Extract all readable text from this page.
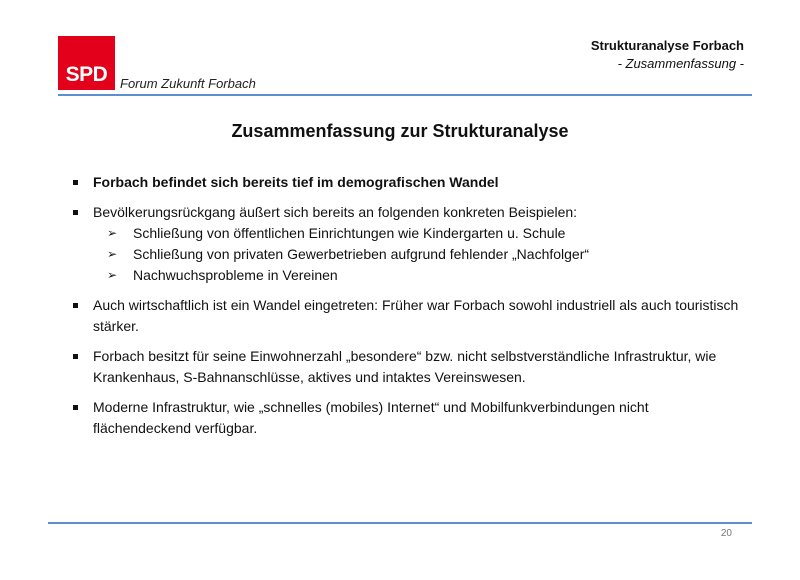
SPD Forum Zukunft Forbach
Strukturanalyse Forbach
- Zusammenfassung -
Zusammenfassung zur Strukturanalyse
Forbach befindet sich bereits tief im demografischen Wandel
Bevölkerungsrückgang äußert sich bereits an folgenden konkreten Beispielen:
➢ Schließung von öffentlichen Einrichtungen wie Kindergarten u. Schule
➢ Schließung von privaten Gewerbetrieben aufgrund fehlender „Nachfolger“
➢ Nachwuchsprobleme in Vereinen
Auch wirtschaftlich ist ein Wandel eingetreten: Früher war Forbach sowohl industriell als auch touristisch stärker.
Forbach besitzt für seine Einwohnerzahl „besondere“ bzw. nicht selbstverständliche Infrastruktur, wie Krankenhaus, S-Bahnanschlüsse, aktives und intaktes Vereinswesen.
Moderne Infrastruktur, wie „schnelles (mobiles) Internet“ und Mobilfunkverbindungen nicht flächendeckend verfügbar.
20
